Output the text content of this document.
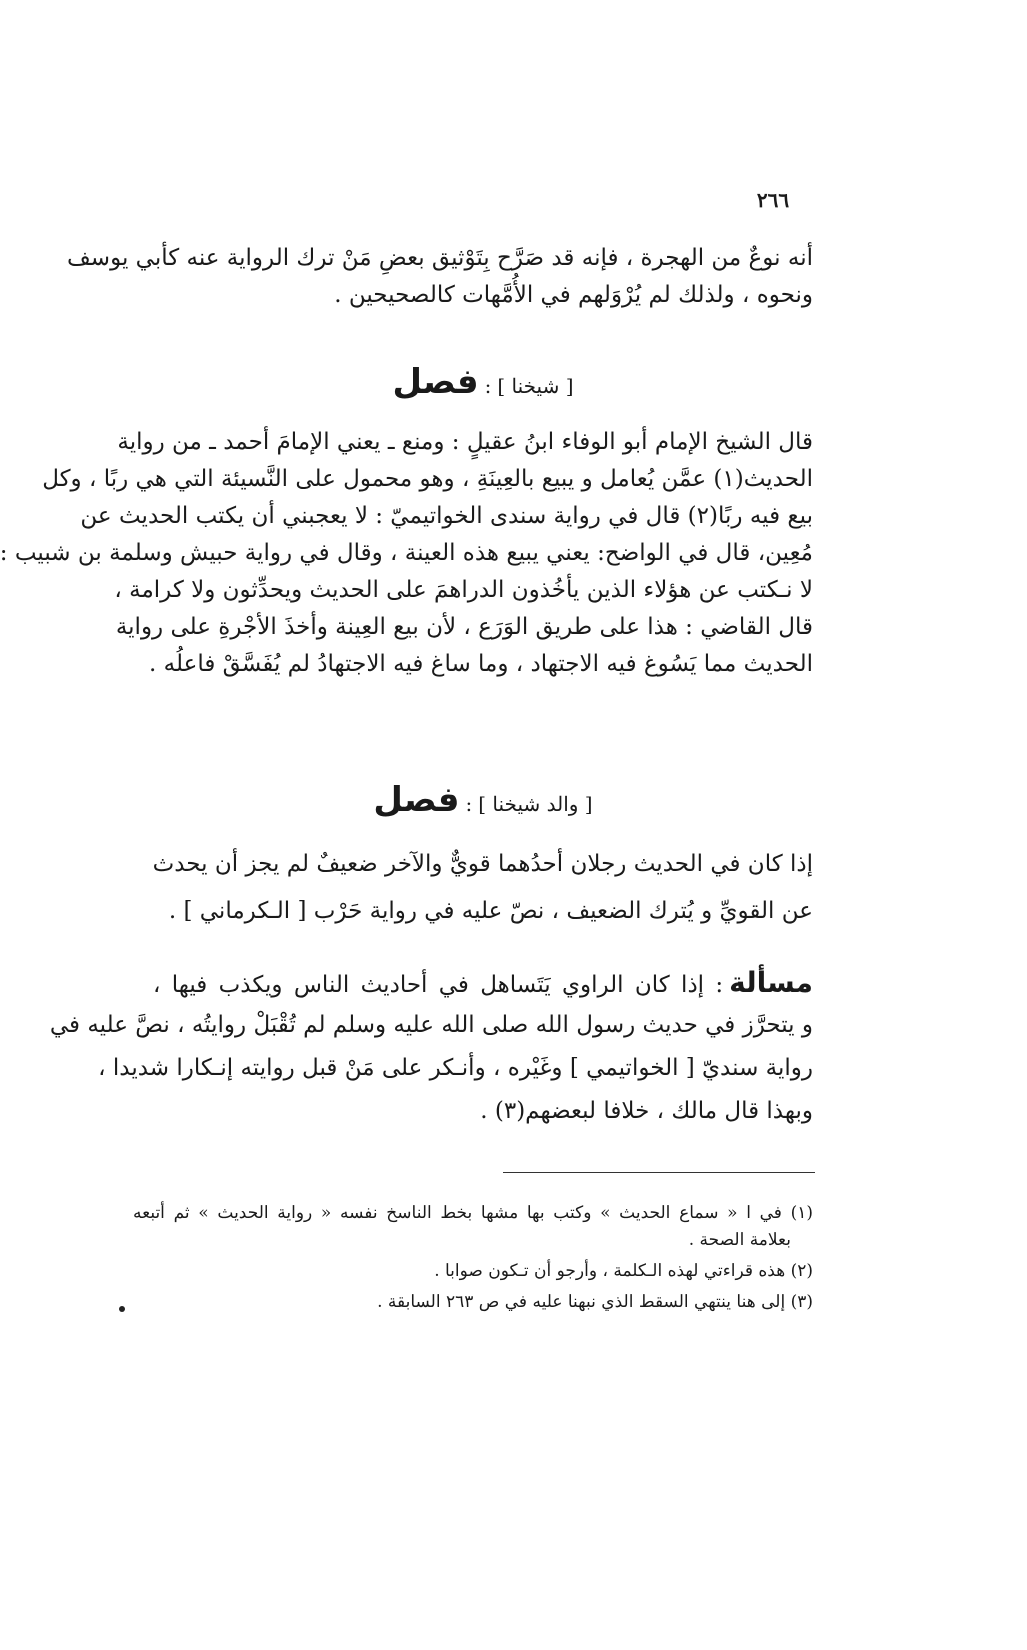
٢٦٦
أنه نوعٌ من الهجرة ، فإنه قد صَرَّح بِتَوْثيق بعضِ مَنْ ترك الرواية عنه كأبي يوسف
ونحوه ، ولذلك لم يُرْوَلهم في الأُمَّهات كالصحيحين .
[ شيخنا ]:فصل
قال الشيخ الإمام أبو الوفاء ابنُ عقيلٍ : ومنع ـ يعني الإمامَ أحمد ـ من رواية
الحديث(١) عمَّن يُعامل و يبيع بالعِينَةِ ، وهو محمول على النَّسيئة التي هي ربًا ، وكل
بيع فيه ربًا(٢) قال في رواية سندى الخواتيميّ : لا يعجبني أن يكتب الحديث عن
مُعِين، قال في الواضح: يعني يبيع هذه العينة ، وقال في رواية حبيش وسلمة بن شبيب :
لا نـكتب عن هؤلاء الذين يأخُذون الدراهمَ على الحديث ويحدِّثون ولا كرامة ،
قال القاضي : هذا على طريق الوَرَع ، لأن بيع العِينة وأخذَ الأجْرةِ على رواية
الحديث مما يَسُوغ فيه الاجتهاد ، وما ساغ فيه الاجتهادُ لم يُفَسَّقْ فاعلُه .
[ والد شيخنا ]:فصل
إذا كان في الحديث رجلان أحدُهما قويٌّ والآخر ضعيفٌ لم يجز أن يحدث
عن القويِّ و يُترك الضعيف ، نصّ عليه في رواية حَرْب [ الـكرماني ] .
مسألة: إذا كان الراوي يَتَساهل في أحاديث الناس ويكذب فيها ،
و يتحرَّز في حديث رسول الله صلى الله عليه وسلم لم تُقْبَلْ روايتُه ، نصَّ عليه في
رواية سنديّ [ الخواتيمي ] وغَيْره ، وأنـكر على مَنْ قبل روايته إنـكارا شديدا ،
وبهذا قال مالك ، خلافا لبعضهم(٣) .
(١) في ا « سماع الحديث » وكتب بها مشها بخط الناسخ نفسه « رواية الحديث » ثم أتبعه
بعلامة الصحة .
(٢) هذه قراءتي لهذه الـكلمة ، وأرجو أن تـكون صوابا .
(٣) إلى هنا ينتهي السقط الذي نبهنا عليه في ص ٢٦٣ السابقة .
